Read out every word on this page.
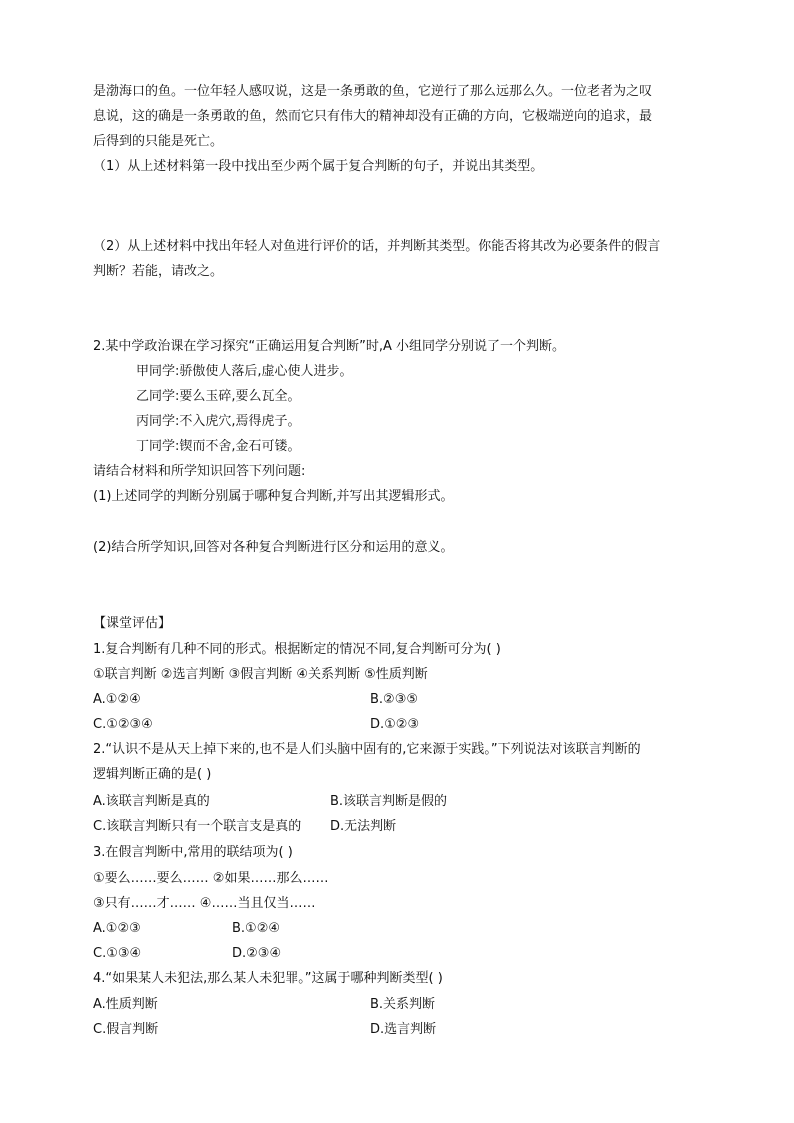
是渤海口的鱼。一位年轻人感叹说，这是一条勇敢的鱼，它逆行了那么远那么久。一位老者为之叹
息说，这的确是一条勇敢的鱼，然而它只有伟大的精神却没有正确的方向，它极端逆向的追求，最
后得到的只能是死亡。
（1）从上述材料第一段中找出至少两个属于复合判断的句子，并说出其类型。
（2）从上述材料中找出年轻人对鱼进行评价的话，并判断其类型。你能否将其改为必要条件的假言
判断？若能，请改之。
2.某中学政治课在学习探究“正确运用复合判断”时,A 小组同学分别说了一个判断。
甲同学:骄傲使人落后,虚心使人进步。
乙同学:要么玉碎,要么瓦全。
丙同学:不入虎穴,焉得虎子。
丁同学:锲而不舍,金石可镂。
请结合材料和所学知识回答下列问题:
(1)上述同学的判断分别属于哪种复合判断,并写出其逻辑形式。
(2)结合所学知识,回答对各种复合判断进行区分和运用的意义。
【课堂评估】
1.复合判断有几种不同的形式。根据断定的情况不同,复合判断可分为( )
①联言判断 ②选言判断 ③假言判断 ④关系判断 ⑤性质判断
A.①②④	B.②③⑤
C.①②③④	D.①②③
2.“认识不是从天上掉下来的,也不是人们头脑中固有的,它来源于实践。”下列说法对该联言判断的
逻辑判断正确的是( )
A.该联言判断是真的	B.该联言判断是假的
C.该联言判断只有一个联言支是真的 D.无法判断
3.在假言判断中,常用的联结项为( )
①要么……要么…… ②如果……那么……
③只有……才…… ④……当且仅当……
A.①②③	B.①②④
C.①③④	D.②③④
4.“如果某人未犯法,那么某人未犯罪。”这属于哪种判断类型( )
A.性质判断	B.关系判断
C.假言判断	D.选言判断
